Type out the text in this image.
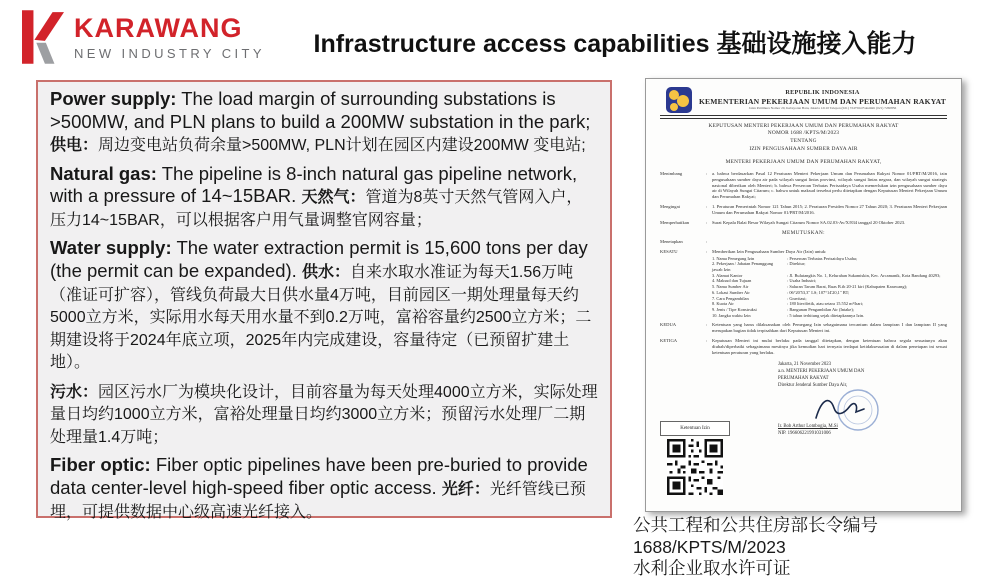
KARAWANG
NEW INDUSTRY CITY	Infrastructure access capabilities 基础设施接入能力

Power supply: The load margin of surrounding substations is >500MW, and PLN plans to build a 200MW substation in the park; 供电：周边变电站负荷余量>500MW, PLN计划在园区内建设200MW 变电站;

Natural gas: The pipeline is 8-inch natural gas pipeline network, with a pressure of 14~15BAR. 天然气：管道为8英寸天然气管网入户，压力14~15BAR，可以根据客户用气量调整官网容量；

Water supply: The water extraction permit is 15,600 tons per day (the permit can be expanded). 供水：自来水取水准证为每天1.56万吨（准证可扩容），管线负荷最大日供水量4万吨，目前园区一期处理量每天约5000立方米，实际用水每天用水量不到0.2万吨，富裕容量约2500立方米；二期建设将于2024年底立项，2025年内完成建设，容量待定（已预留扩建土地）。

污水：园区污水厂为模块化设计，目前容量为每天处理4000立方米，实际处理量日均约1000立方米，富裕处理量日均约3000立方米；预留污水处理厂二期处理量1.4万吨；

Fiber optic: Fiber optic pipelines have been pre-buried to provide data center-level high-speed fiber optic access. 光纤：光纤管线已预埋，可提供数据中心级高速光纤接入。

REPUBLIK INDONESIA
KEMENTERIAN PEKERJAAN UMUM DAN PERUMAHAN RAKYAT
Jalan Pattimura Nomor 20, Kebayoran Baru, Jakarta 12110 Telepon (021) 7247564 Faksimili (021) 7260856
KEPUTUSAN MENTERI PEKERJAAN UMUM DAN PERUMAHAN RAKYAT
NOMOR 1688 /KPTS/M/2023
TENTANG
IZIN PENGUSAHAAN SUMBER DAYA AIR
MENTERI PEKERJAAN UMUM DAN PERUMAHAN RAKYAT,
Menimbang	:	a. bahwa berdasarkan Pasal 12 Peraturan Menteri Pekerjaan Umum dan Perumahan Rakyat Nomor 01/PRT/M/2016, izin pengusahaan sumber daya air pada wilayah sungai lintas provinsi, wilayah sungai lintas negara, dan wilayah sungai strategis nasional diberikan oleh Menteri; b. bahwa Perseroan Terbatas Perisaidaya Usaha memerlukan izin pengusahaan sumber daya air di Wilayah Sungai Citarum; c. bahwa untuk maksud tersebut perlu ditetapkan dengan Keputusan Menteri Pekerjaan Umum dan Perumahan Rakyat;
Mengingat	:	1. Peraturan Pemerintah Nomor 121 Tahun 2015; 2. Peraturan Presiden Nomor 27 Tahun 2020; 3. Peraturan Menteri Pekerjaan Umum dan Perumahan Rakyat Nomor 01/PRT/M/2016.
Memperhatikan	:	Surat Kepala Balai Besar Wilayah Sungai Citarum Nomor SA.02.03-Av/X/834 tanggal 20 Oktober 2023.
MEMUTUSKAN:
Menetapkan	:
KESATU	:	Memberikan Izin Pengusahaan Sumber Daya Air (Izin) untuk:
1. Nama Pemegang Izin	: Perseroan Terbatas Perisaidaya Usaha;
2. Pekerjaan / Jabatan Penanggung jawab Izin
: Direktur;
3. Alamat Kantor	: Jl. Bulutangkis No. 1, Kelurahan Sukamiskin, Kec. Arcamanik, Kota Bandung 40293;
4. Maksud dan Tujuan	: Usaha Industri;
5. Nama Sumber Air	: Saluran Tarum Barat, Ruas B.tb 20-21 kiri (Kabupaten Karawang);
6. Lokasi Sumber Air	: 06°20'53,3" LS; 107°14'20,1" BT;
7. Cara Pengambilan	: Gravitasi;
8. Kuota Air	: 180 liter/detik, atau setara 15.552 m³/hari;
9. Jenis / Tipe Konstruksi	: Bangunan Pengambilan Air (Intake);
10. Jangka waktu Izin	: 5 tahun terhitung sejak ditetapkannya Izin.
KEDUA	:	Ketentuan yang harus dilaksanakan oleh Pemegang Izin sebagaimana tercantum dalam lampiran I dan lampiran II yang merupakan bagian tidak terpisahkan dari Keputusan Menteri ini.
KETIGA	:	Keputusan Menteri ini mulai berlaku pada tanggal ditetapkan, dengan ketentuan bahwa segala sesuatunya akan diubah/diperbaiki sebagaimana mestinya jika kemudian hari ternyata terdapat ketidaksesuaian di dalam penetapan ini sesuai ketentuan peraturan yang berlaku.
Jakarta, 21 November 2023
a.n. MENTERI PEKERJAAN UMUM DAN
PERUMAHAN RAKYAT
Direktur Jenderal Sumber Daya Air,
Ir. Bob Arthur Lombogia, M.Si
NIP. 196606221991031006
Ketentuan Izin
公共工程和公共住房部长令编号1688/KPTS/M/2023
水利企业取水许可证
